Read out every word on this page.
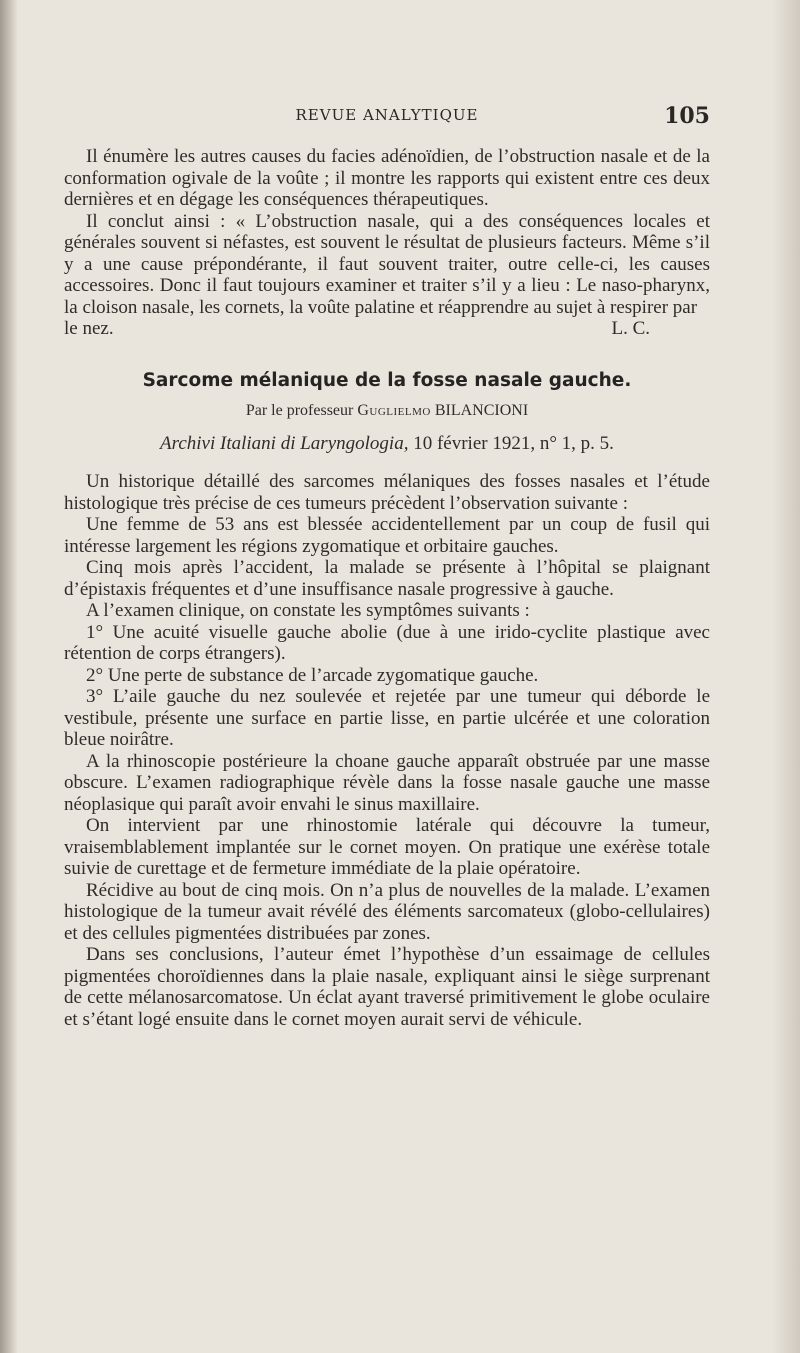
REVUE ANALYTIQUE	105

Il énumère les autres causes du facies adénoïdien, de l’obstruction nasale et de la conformation ogivale de la voûte ; il montre les rapports qui existent entre ces deux dernières et en dégage les conséquences thérapeutiques.

Il conclut ainsi : « L’obstruction nasale, qui a des conséquences locales et générales souvent si néfastes, est souvent le résultat de plusieurs facteurs. Même s’il y a une cause prépondérante, il faut souvent traiter, outre celle-ci, les causes accessoires. Donc il faut toujours examiner et traiter s’il y a lieu : Le naso-pharynx, la cloison nasale, les cornets, la voûte palatine et réapprendre au sujet à respirer par

le nez.	L. C.
Sarcome mélanique de la fosse nasale gauche.
Par le professeur Guglielmo BILANCIONI
Archivi Italiani di Laryngologia, 10 février 1921, n° 1, p. 5.

Un historique détaillé des sarcomes mélaniques des fosses nasales et l’étude histologique très précise de ces tumeurs précèdent l’observation suivante :

Une femme de 53 ans est blessée accidentellement par un coup de fusil qui intéresse largement les régions zygomatique et orbitaire gauches.

Cinq mois après l’accident, la malade se présente à l’hôpital se plaignant d’épistaxis fréquentes et d’une insuffisance nasale progressive à gauche.

A l’examen clinique, on constate les symptômes suivants :

1° Une acuité visuelle gauche abolie (due à une irido-cyclite plastique avec rétention de corps étrangers).

2° Une perte de substance de l’arcade zygomatique gauche.

3° L’aile gauche du nez soulevée et rejetée par une tumeur qui déborde le vestibule, présente une surface en partie lisse, en partie ulcérée et une coloration bleue noirâtre.

A la rhinoscopie postérieure la choane gauche apparaît obstruée par une masse obscure. L’examen radiographique révèle dans la fosse nasale gauche une masse néoplasique qui paraît avoir envahi le sinus maxillaire.

On intervient par une rhinostomie latérale qui découvre la tumeur, vraisemblablement implantée sur le cornet moyen. On pratique une exérèse totale suivie de curettage et de fermeture immédiate de la plaie opératoire.

Récidive au bout de cinq mois. On n’a plus de nouvelles de la malade. L’examen histologique de la tumeur avait révélé des éléments sarcomateux (globo-cellulaires) et des cellules pigmentées distribuées par zones.

Dans ses conclusions, l’auteur émet l’hypothèse d’un essaimage de cellules pigmentées choroïdiennes dans la plaie nasale, expliquant ainsi le siège surprenant de cette mélanosarcomatose. Un éclat ayant traversé primitivement le globe oculaire et s’étant logé ensuite dans le cornet moyen aurait servi de véhicule.
